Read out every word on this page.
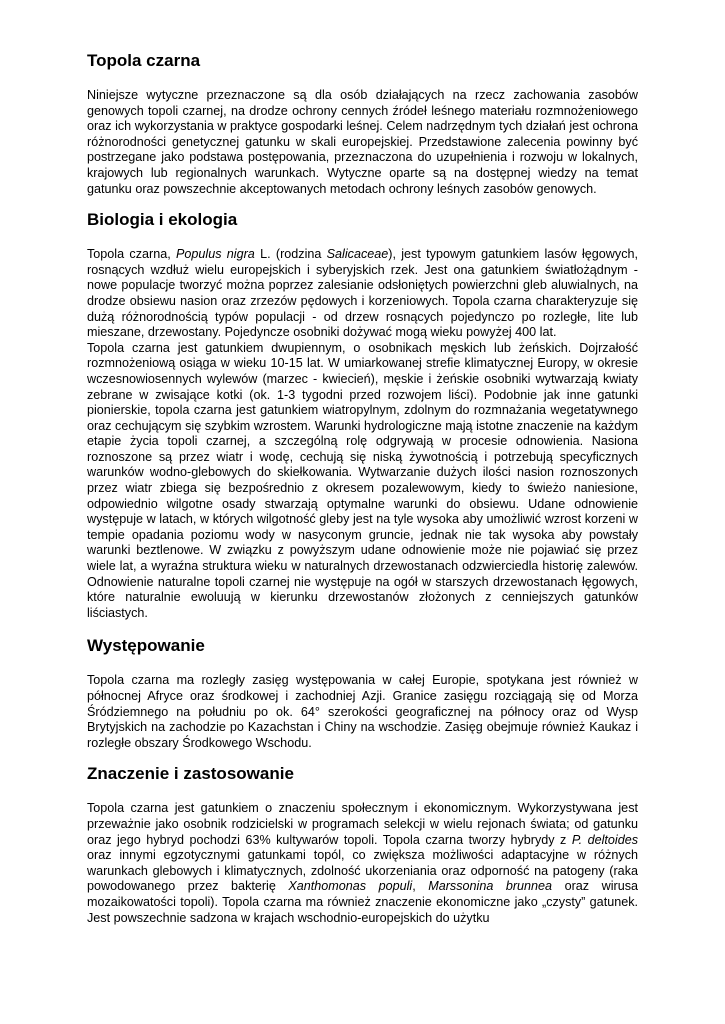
Topola czarna

Niniejsze wytyczne przeznaczone są dla osób działających na rzecz zachowania zasobów genowych topoli czarnej, na drodze ochrony cennych źródeł leśnego materiału rozmnożeniowego oraz ich wykorzystania w praktyce gospodarki leśnej. Celem nadrzędnym tych działań jest ochrona różnorodności genetycznej gatunku w skali europejskiej. Przedstawione zalecenia powinny być postrzegane jako podstawa postępowania, przeznaczona do uzupełnienia i rozwoju w lokalnych, krajowych lub regionalnych warunkach. Wytyczne oparte są na dostępnej wiedzy na temat gatunku oraz powszechnie akceptowanych metodach ochrony leśnych zasobów genowych.

Biologia i ekologia

Topola czarna, Populus nigra L. (rodzina Salicaceae), jest typowym gatunkiem lasów łęgowych, rosnących wzdłuż wielu europejskich i syberyjskich rzek. Jest ona gatunkiem światłożądnym - nowe populacje tworzyć można poprzez zalesianie odsłoniętych powierzchni gleb aluwialnych, na drodze obsiewu nasion oraz zrzezów pędowych i korzeniowych. Topola czarna charakteryzuje się dużą różnorodnością typów populacji - od drzew rosnących pojedynczo po rozległe, lite lub mieszane, drzewostany. Pojedyncze osobniki dożywać mogą wieku powyżej 400 lat.

Topola czarna jest gatunkiem dwupiennym, o osobnikach męskich lub żeńskich. Dojrzałość rozmnożeniową osiąga w wieku 10-15 lat. W umiarkowanej strefie klimatycznej Europy, w okresie wczesnowiosennych wylewów (marzec - kwiecień), męskie i żeńskie osobniki wytwarzają kwiaty zebrane w zwisające kotki (ok. 1-3 tygodni przed rozwojem liści). Podobnie jak inne gatunki pionierskie, topola czarna jest gatunkiem wiatropylnym, zdolnym do rozmnażania wegetatywnego oraz cechującym się szybkim wzrostem. Warunki hydrologiczne mają istotne znaczenie na każdym etapie życia topoli czarnej, a szczególną rolę odgrywają w procesie odnowienia. Nasiona roznoszone są przez wiatr i wodę, cechują się niską żywotnością i potrzebują specyficznych warunków wodno-glebowych do skiełkowania. Wytwarzanie dużych ilości nasion roznoszonych przez wiatr zbiega się bezpośrednio z okresem pozalewowym, kiedy to świeżo naniesione, odpowiednio wilgotne osady stwarzają optymalne warunki do obsiewu. Udane odnowienie występuje w latach, w których wilgotność gleby jest na tyle wysoka aby umożliwić wzrost korzeni w tempie opadania poziomu wody w nasyconym gruncie, jednak nie tak wysoka aby powstały warunki beztlenowe. W związku z powyższym udane odnowienie może nie pojawiać się przez wiele lat, a wyraźna struktura wieku w naturalnych drzewostanach odzwierciedla historię zalewów. Odnowienie naturalne topoli czarnej nie występuje na ogół w starszych drzewostanach łęgowych, które naturalnie ewoluują w kierunku drzewostanów złożonych z cenniejszych gatunków liściastych.

Występowanie

Topola czarna ma rozległy zasięg występowania w całej Europie, spotykana jest również w północnej Afryce oraz środkowej i zachodniej Azji. Granice zasięgu rozciągają się od Morza Śródziemnego na południu po ok. 64° szerokości geograficznej na północy oraz od Wysp Brytyjskich na zachodzie po Kazachstan i Chiny na wschodzie. Zasięg obejmuje również Kaukaz i rozległe obszary Środkowego Wschodu.

Znaczenie i zastosowanie

Topola czarna jest gatunkiem o znaczeniu społecznym i ekonomicznym. Wykorzystywana jest przeważnie jako osobnik rodzicielski w programach selekcji w wielu rejonach świata; od gatunku oraz jego hybryd pochodzi 63% kultywarów topoli. Topola czarna tworzy hybrydy z P. deltoides oraz innymi egzotycznymi gatunkami topól, co zwiększa możliwości adaptacyjne w różnych warunkach glebowych i klimatycznych, zdolność ukorzeniania oraz odporność na patogeny (raka powodowanego przez bakterię Xanthomonas populi, Marssonina brunnea oraz wirusa mozaikowatości topoli). Topola czarna ma również znaczenie ekonomiczne jako „czysty” gatunek. Jest powszechnie sadzona w krajach wschodnio-europejskich do użytku
